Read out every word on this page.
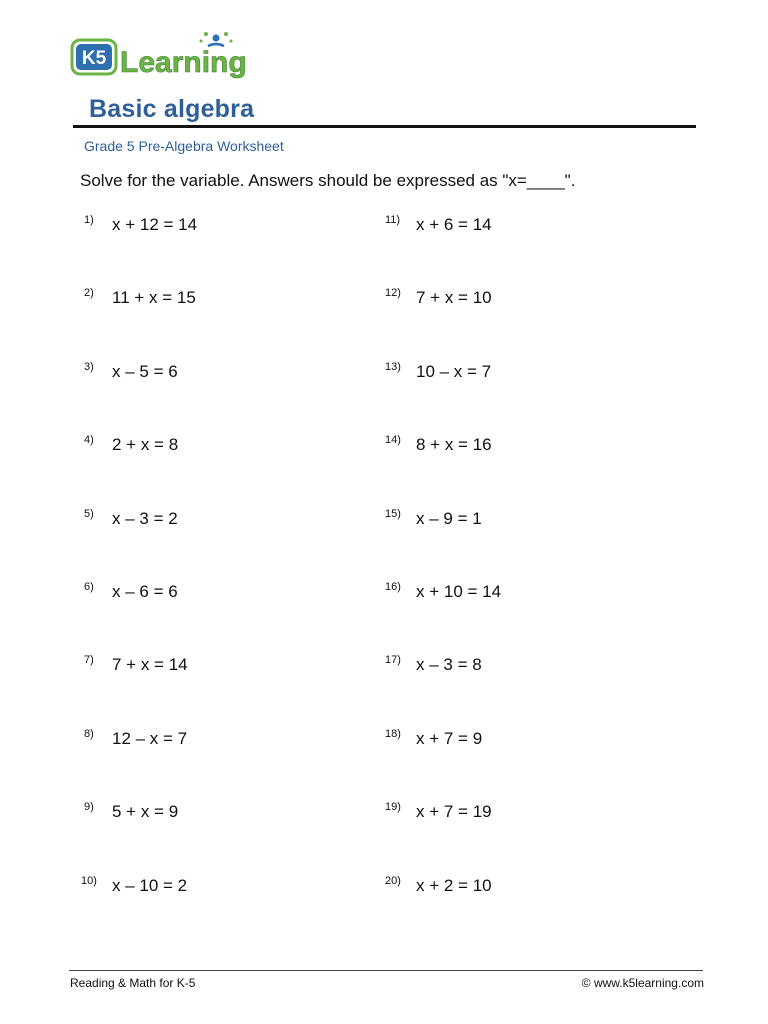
K5 Learning
Basic algebra
Grade 5 Pre-Algebra Worksheet
Solve for the variable. Answers should be expressed as "x=____".
1) x + 12 = 14
2) 11 + x = 15
3) x – 5 = 6
4) 2 + x = 8
5) x – 3 = 2
6) x – 6 = 6
7) 7 + x = 14
8) 12 – x = 7
9) 5 + x = 9
10) x – 10 = 2
11) x + 6 = 14
12) 7 + x = 10
13) 10 – x = 7
14) 8 + x = 16
15) x – 9 = 1
16) x + 10 = 14
17) x – 3 = 8
18) x + 7 = 9
19) x + 7 = 19
20) x + 2 = 10
Reading & Math for K-5	© www.k5learning.com
